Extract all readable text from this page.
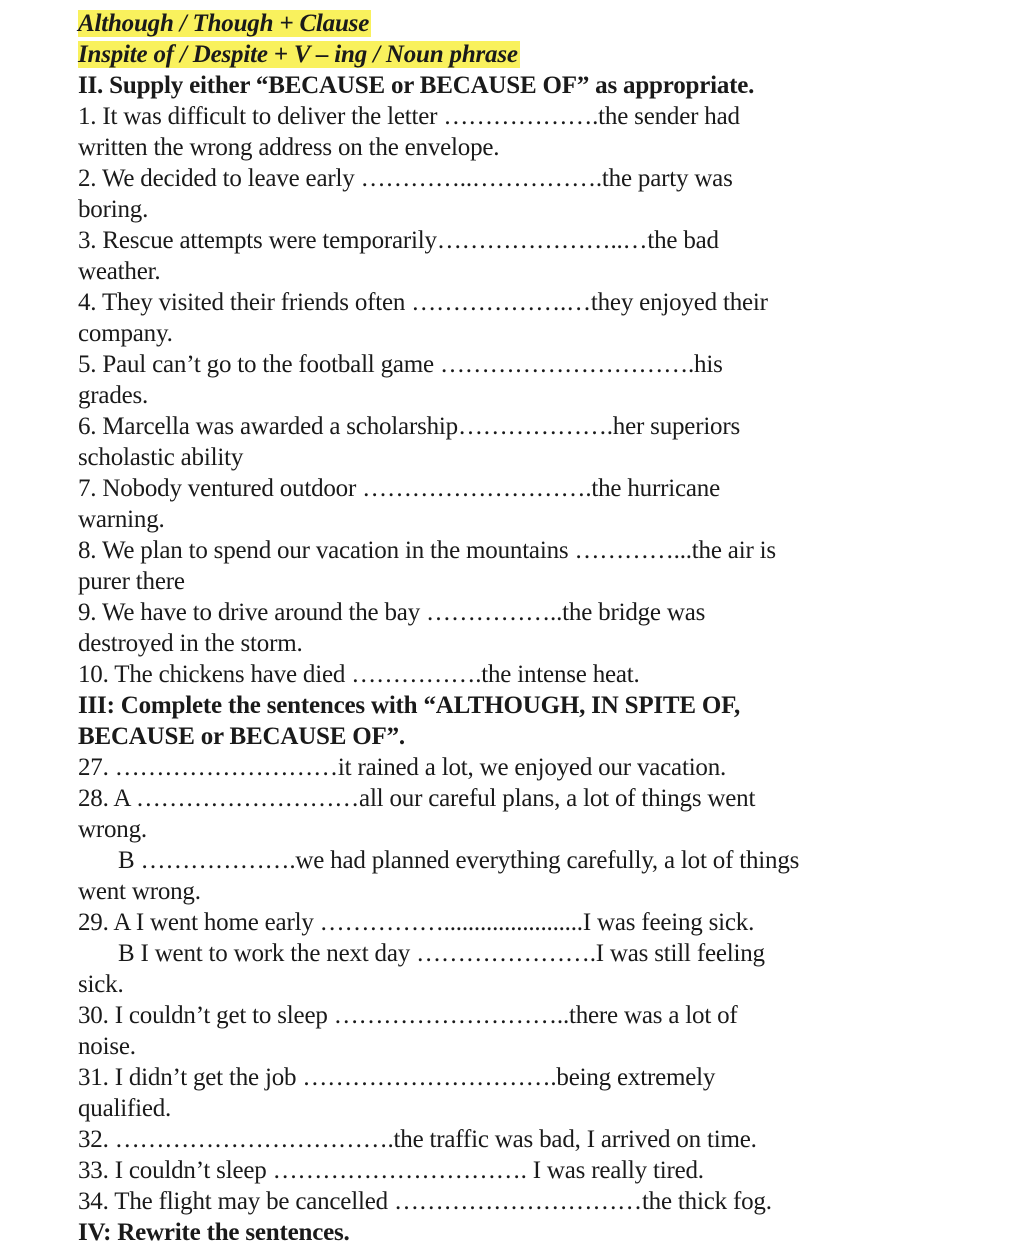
Although / Though + Clause
Inspite of / Despite + V – ing / Noun phrase
II. Supply either “BECAUSE or BECAUSE OF” as appropriate.
1. It was difficult to deliver the letter ……………….the sender had
written the wrong address on the envelope.
2. We decided to leave early …………..…………….the party was
boring.
3. Rescue attempts were temporarily…………………..…the bad
weather.
4. They visited their friends often ……………….…they enjoyed their
company.
5. Paul can’t go to the football game ………………………….his
grades.
6. Marcella was awarded a scholarship……………….her superiors
scholastic ability
7. Nobody ventured outdoor ……………………….the hurricane
warning.
8. We plan to spend our vacation in the mountains …………...the air is
purer there
9. We have to drive around the bay ……………..the bridge was
destroyed in the storm.
10. The chickens have died …………….the intense heat.
III: Complete the sentences with “ALTHOUGH, IN SPITE OF,
BECAUSE or BECAUSE OF”.
27. ………………………it rained a lot, we enjoyed our vacation.
28. A ………………………all our careful plans, a lot of things went
wrong.
B ……………….we had planned everything carefully, a lot of things
went wrong.
29. A I went home early …………….......................I was feeing sick.
B I went to work the next day ………………….I was still feeling
sick.
30. I couldn’t get to sleep ………………………..there was a lot of
noise.
31. I didn’t get the job ………………………….being extremely
qualified.
32. …………………………….the traffic was bad, I arrived on time.
33. I couldn’t sleep …………………………. I was really tired.
34. The flight may be cancelled …………………………the thick fog.
IV: Rewrite the sentences.
